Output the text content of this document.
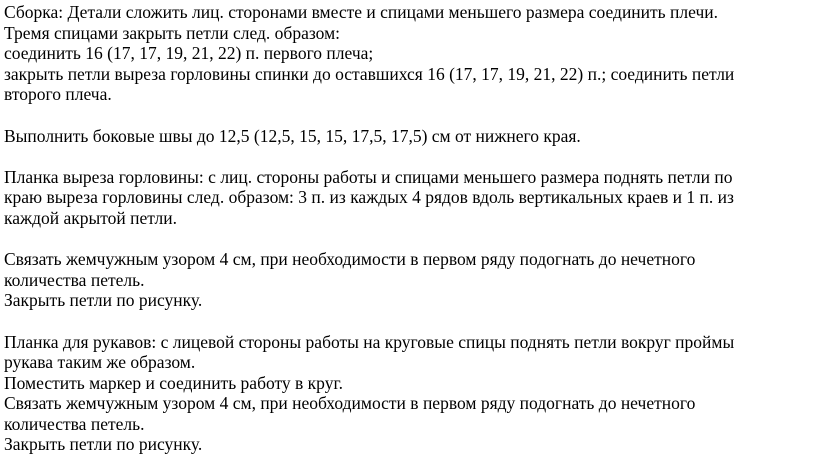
Сборка: Детали сложить лиц. сторонами вместе и спицами меньшего размера соединить плечи.
Тремя спицами закрыть петли след. образом:
соединить 16 (17, 17, 19, 21, 22) п. первого плеча;
закрыть петли выреза горловины спинки до оставшихся 16 (17, 17, 19, 21, 22) п.; соединить петли
второго плеча.
Выполнить боковые швы до 12,5 (12,5, 15, 15, 17,5, 17,5) см от нижнего края.
Планка выреза горловины: с лиц. стороны работы и спицами меньшего размера поднять петли по
краю выреза горловины след. образом: 3 п. из каждых 4 рядов вдоль вертикальных краев и 1 п. из
каждой акрытой петли.
Связать жемчужным узором 4 см, при необходимости в первом ряду подогнать до нечетного
количества петель.
Закрыть петли по рисунку.
Планка для рукавов: с лицевой стороны работы на круговые спицы поднять петли вокруг проймы
рукава таким же образом.
Поместить маркер и соединить работу в круг.
Связать жемчужным узором 4 см, при необходимости в первом ряду подогнать до нечетного
количества петель.
Закрыть петли по рисунку.
